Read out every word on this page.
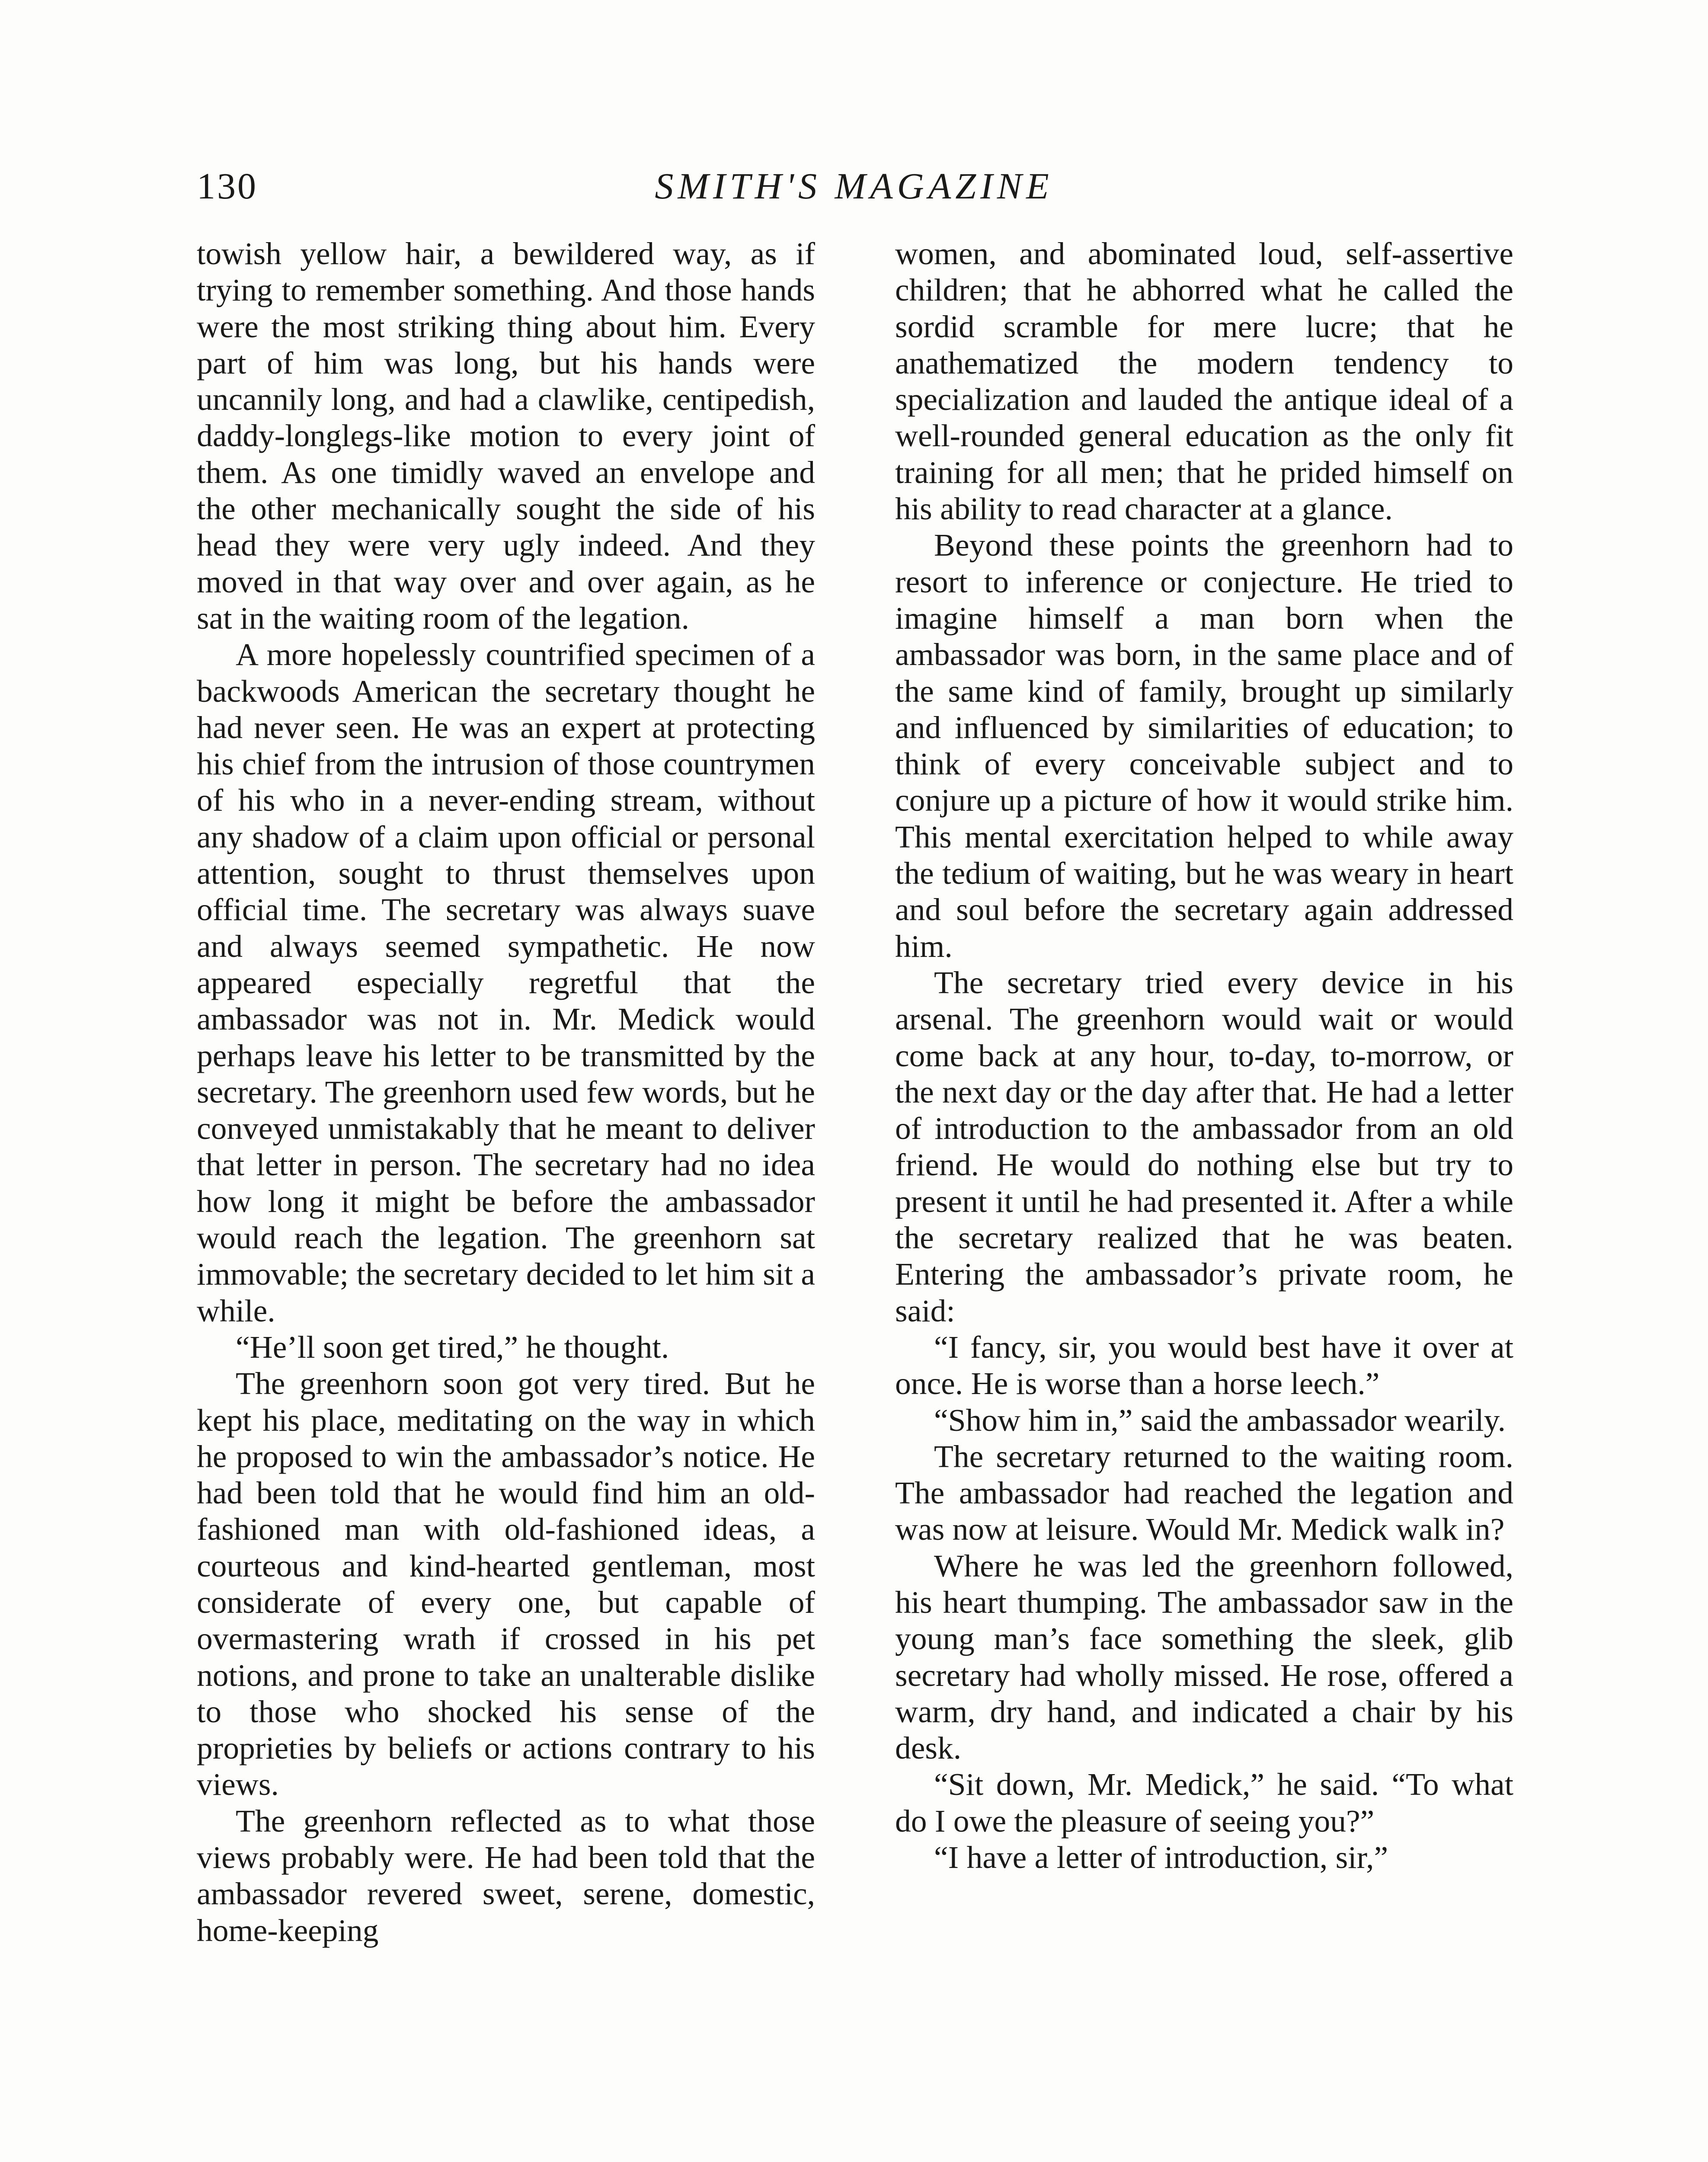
130	SMITH'S MAGAZINE

towish yellow hair, a bewildered way, as if trying to remember something. And those hands were the most striking thing about him. Every part of him was long, but his hands were uncannily long, and had a clawlike, centipedish, daddy-longlegs-like motion to every joint of them. As one timidly waved an envelope and the other mechanically sought the side of his head they were very ugly indeed. And they moved in that way over and over again, as he sat in the waiting room of the legation.

A more hopelessly countrified specimen of a backwoods American the secretary thought he had never seen. He was an expert at protecting his chief from the intrusion of those countrymen of his who in a never-ending stream, without any shadow of a claim upon official or personal attention, sought to thrust themselves upon official time. The secretary was always suave and always seemed sympathetic. He now appeared especially regretful that the ambassador was not in. Mr. Medick would perhaps leave his letter to be transmitted by the secretary. The greenhorn used few words, but he conveyed unmistakably that he meant to deliver that letter in person. The secretary had no idea how long it might be before the ambassador would reach the legation. The greenhorn sat immovable; the secretary decided to let him sit a while.

“He’ll soon get tired,” he thought.

The greenhorn soon got very tired. But he kept his place, meditating on the way in which he proposed to win the ambassador’s notice. He had been told that he would find him an old-fashioned man with old-fashioned ideas, a courteous and kind-hearted gentleman, most considerate of every one, but capable of overmastering wrath if crossed in his pet notions, and prone to take an unalterable dislike to those who shocked his sense of the proprieties by beliefs or actions contrary to his views.

The greenhorn reflected as to what those views probably were. He had been told that the ambassador revered sweet, serene, domestic, home-keeping

women, and abominated loud, self-assertive children; that he abhorred what he called the sordid scramble for mere lucre; that he anathematized the modern tendency to specialization and lauded the antique ideal of a well-rounded general education as the only fit training for all men; that he prided himself on his ability to read character at a glance.

Beyond these points the greenhorn had to resort to inference or conjecture. He tried to imagine himself a man born when the ambassador was born, in the same place and of the same kind of family, brought up similarly and influenced by similarities of education; to think of every conceivable subject and to conjure up a picture of how it would strike him. This mental exercitation helped to while away the tedium of waiting, but he was weary in heart and soul before the secretary again addressed him.

The secretary tried every device in his arsenal. The greenhorn would wait or would come back at any hour, to-day, to-morrow, or the next day or the day after that. He had a letter of introduction to the ambassador from an old friend. He would do nothing else but try to present it until he had presented it. After a while the secretary realized that he was beaten. Entering the ambassador’s private room, he said:

“I fancy, sir, you would best have it over at once. He is worse than a horse leech.”

“Show him in,” said the ambassador wearily.

The secretary returned to the waiting room. The ambassador had reached the legation and was now at leisure. Would Mr. Medick walk in?

Where he was led the greenhorn followed, his heart thumping. The ambassador saw in the young man’s face something the sleek, glib secretary had wholly missed. He rose, offered a warm, dry hand, and indicated a chair by his desk.

“Sit down, Mr. Medick,” he said. “To what do I owe the pleasure of seeing you?”

“I have a letter of introduction, sir,”
